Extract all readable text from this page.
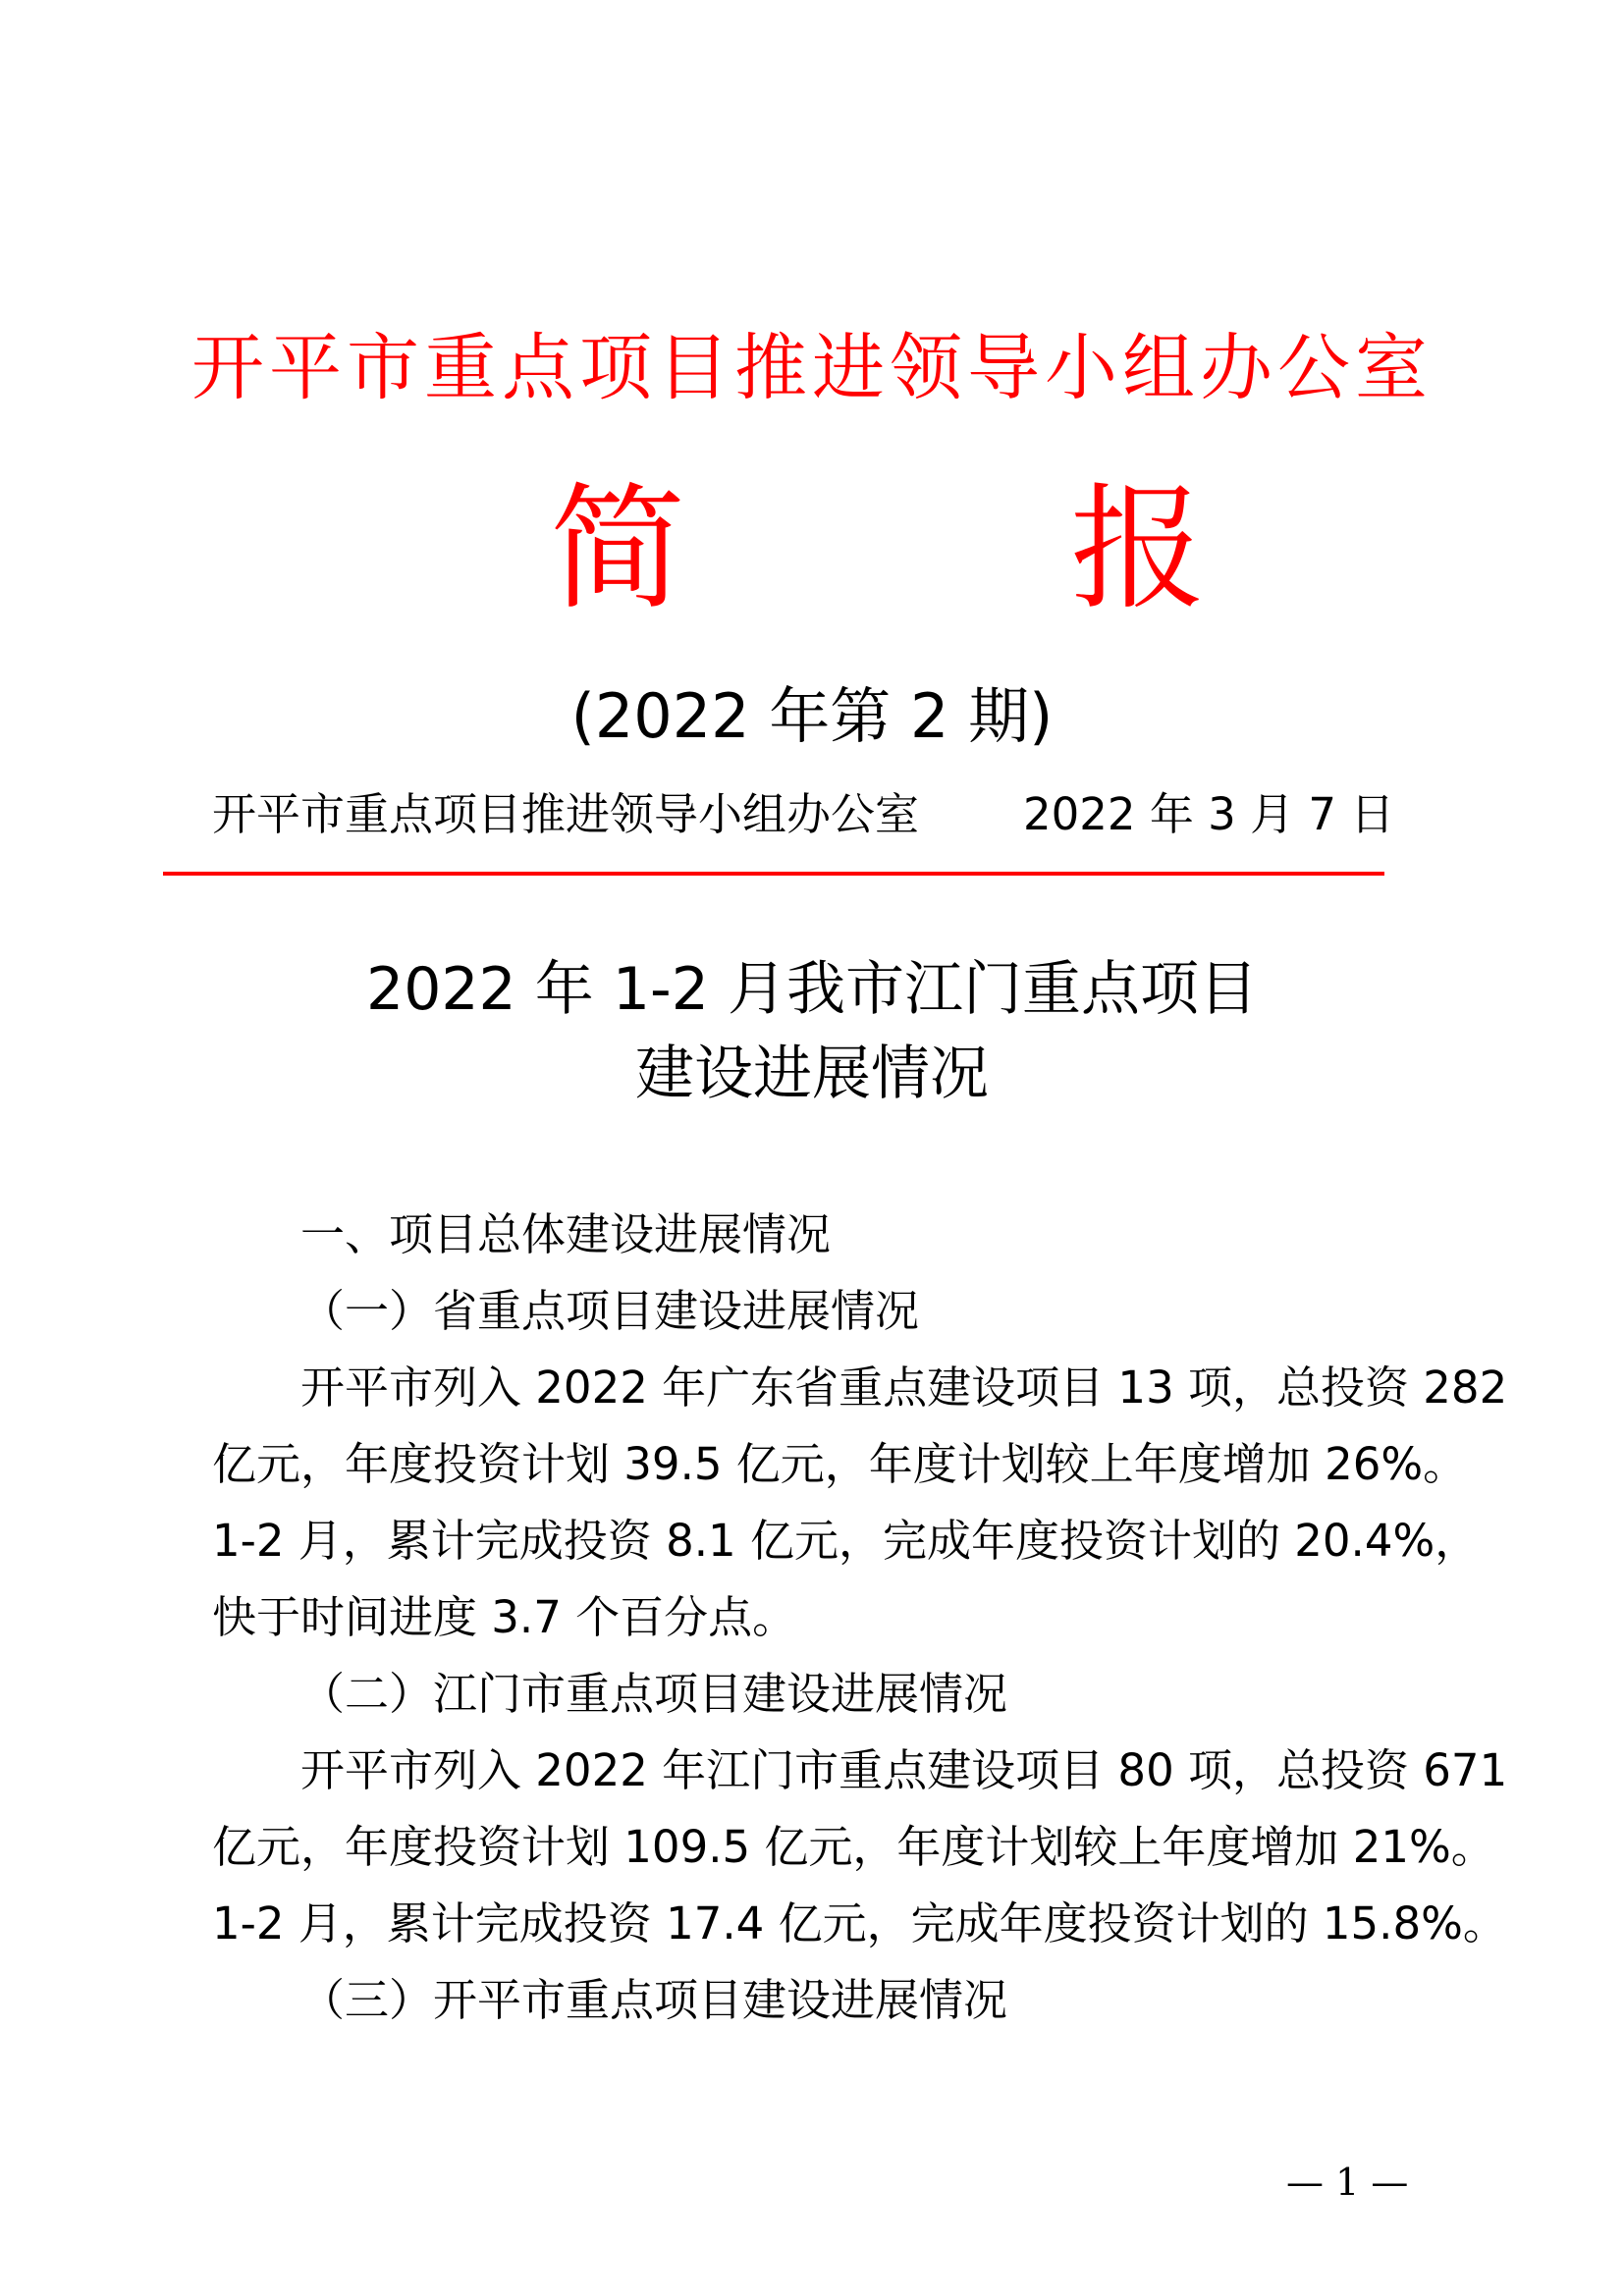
开平市重点项目推进领导小组办公室
简	报
(2022 年第 2 期)
开平市重点项目推进领导小组办公室 2022 年 3 月 7 日
2022 年 1-2 月我市江门重点项目
建设进展情况
一、项目总体建设进展情况
（一）省重点项目建设进展情况
开平市列入 2022 年广东省重点建设项目 13 项，总投资 282
亿元，年度投资计划 39.5 亿元，年度计划较上年度增加 26%。
1-2 月，累计完成投资 8.1 亿元，完成年度投资计划的 20.4%，
快于时间进度 3.7 个百分点。
（二）江门市重点项目建设进展情况
开平市列入 2022 年江门市重点建设项目 80 项，总投资 671
亿元，年度投资计划 109.5 亿元，年度计划较上年度增加 21%。
1-2 月，累计完成投资 17.4 亿元，完成年度投资计划的 15.8%。
（三）开平市重点项目建设进展情况
— 1 —
